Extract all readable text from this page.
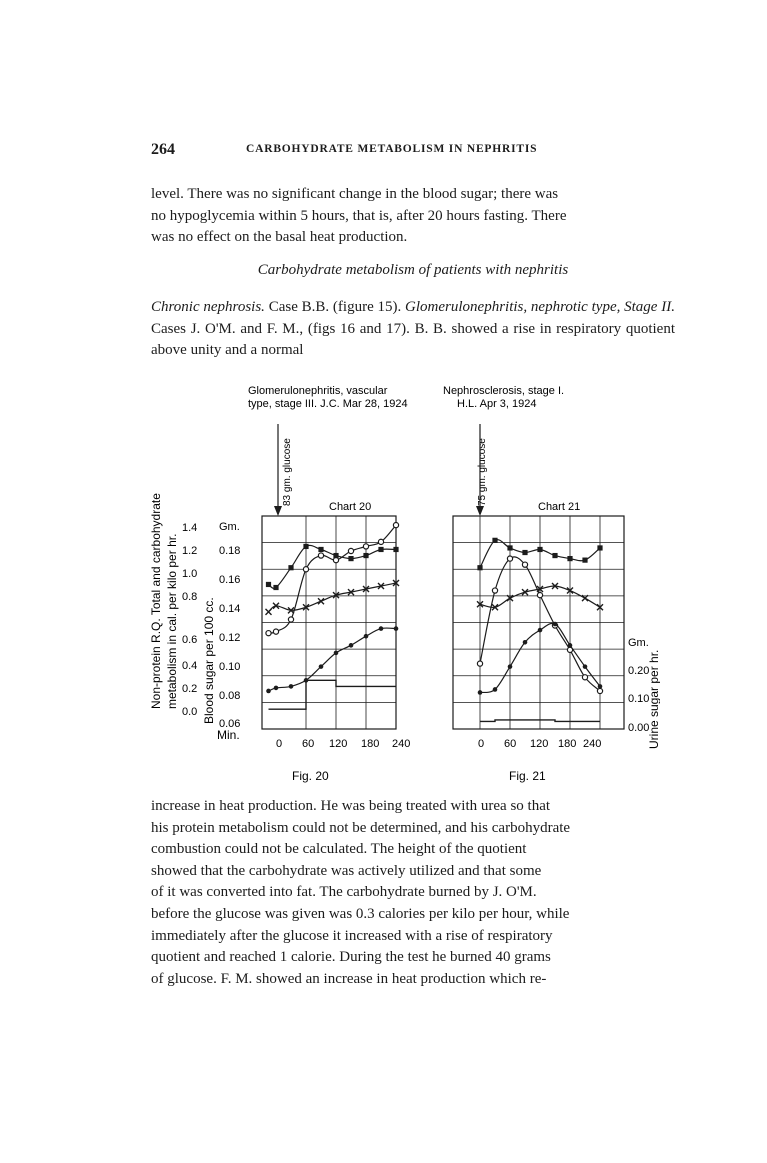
264	CARBOHYDRATE METABOLISM IN NEPHRITIS

level. There was no significant change in the blood sugar; there was

no hypoglycemia within 5 hours, that is, after 20 hours fasting. There

was no effect on the basal heat production.

Carbohydrate metabolism of patients with nephritis

Chronic nephrosis. Case B.B. (figure 15). Glomerulonephritis, nephrotic type, Stage II. Cases J. O'M. and F. M., (figs 16 and 17). B. B. showed a rise in respiratory quotient above unity and a normal

Non-protein R.Q. Total and carbohydrate metabolism in cal. per kilo per hr.
1.4
1.2
1.0
0.8
0.6
0.4
0.2
0.0
Gm.
Blood sugar per 100 cc.
0.18
0.16
0.14
0.12
0.10
0.08
0.06
Min.
Glomerulonephritis, vascular
type, stage III. J.C. Mar 28, 1924
83 gm. glucose
Chart 20
0 60 120 180 240
Fig. 20
Nephrosclerosis, stage I.
H.L. Apr 3, 1924
75 gm. glucose
Chart 21
0 60 120 180 240
Fig. 21
Gm.
0.20
0.10
0.00
Urine sugar per hr.

increase in heat production. He was being treated with urea so that

his protein metabolism could not be determined, and his carbohydrate

combustion could not be calculated. The height of the quotient

showed that the carbohydrate was actively utilized and that some

of it was converted into fat. The carbohydrate burned by J. O'M.

before the glucose was given was 0.3 calories per kilo per hour, while

immediately after the glucose it increased with a rise of respiratory

quotient and reached 1 calorie. During the test he burned 40 grams

of glucose. F. M. showed an increase in heat production which re-
